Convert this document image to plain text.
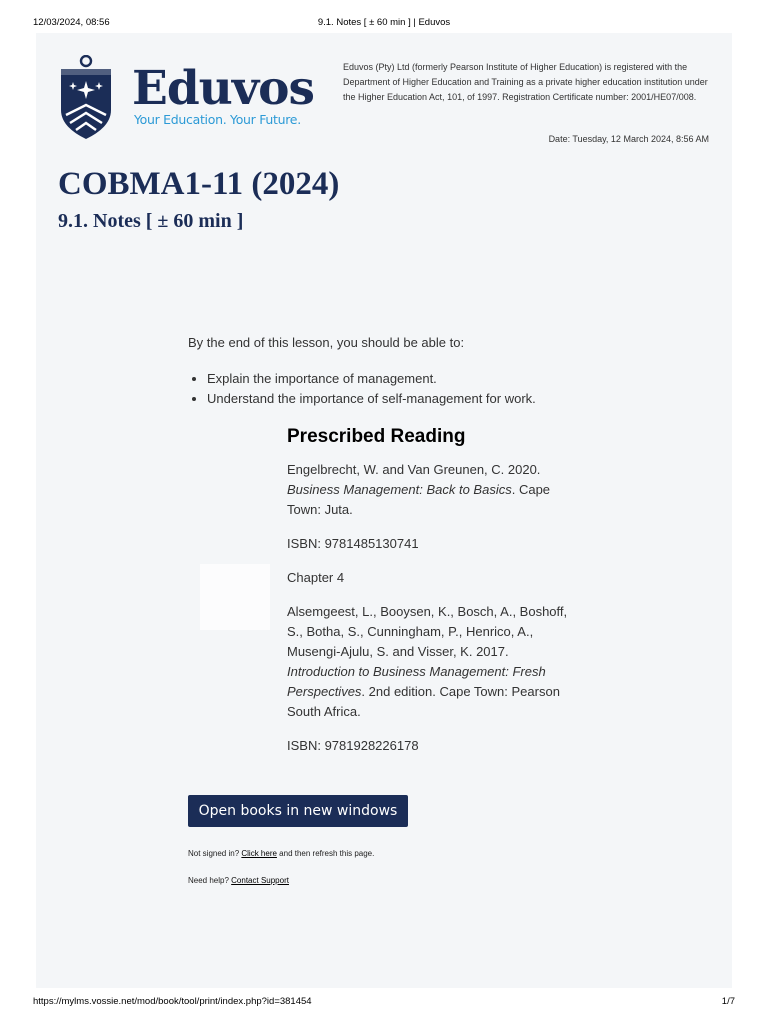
12/03/2024, 08:56	9.1. Notes [ ± 60 min ] | Eduvos
Eduvos
Your Education. Your Future.
Eduvos (Pty) Ltd (formerly Pearson Institute of Higher Education) is registered with the Department of Higher Education and Training as a private higher education institution under the Higher Education Act, 101, of 1997. Registration Certificate number: 2001/HE07/008.
Date: Tuesday, 12 March 2024, 8:56 AM
COBMA1-11 (2024)
9.1. Notes [ ± 60 min ]

By the end of this lesson, you should be able to:

• Explain the importance of management.
• Understand the importance of self-management for work.
Prescribed Reading

Engelbrecht, W. and Van Greunen, C. 2020. Business Management: Back to Basics. Cape Town: Juta.

ISBN: 9781485130741

Chapter 4

Alsemgeest, L., Booysen, K., Bosch, A., Boshoff, S., Botha, S., Cunningham, P., Henrico, A., Musengi-Ajulu, S. and Visser, K. 2017. Introduction to Business Management: Fresh Perspectives. 2nd edition. Cape Town: Pearson South Africa.

ISBN: 9781928226178

Open books in new windows
Not signed in? Click here and then refresh this page.
Need help? Contact Support
https://mylms.vossie.net/mod/book/tool/print/index.php?id=381454	1/7
